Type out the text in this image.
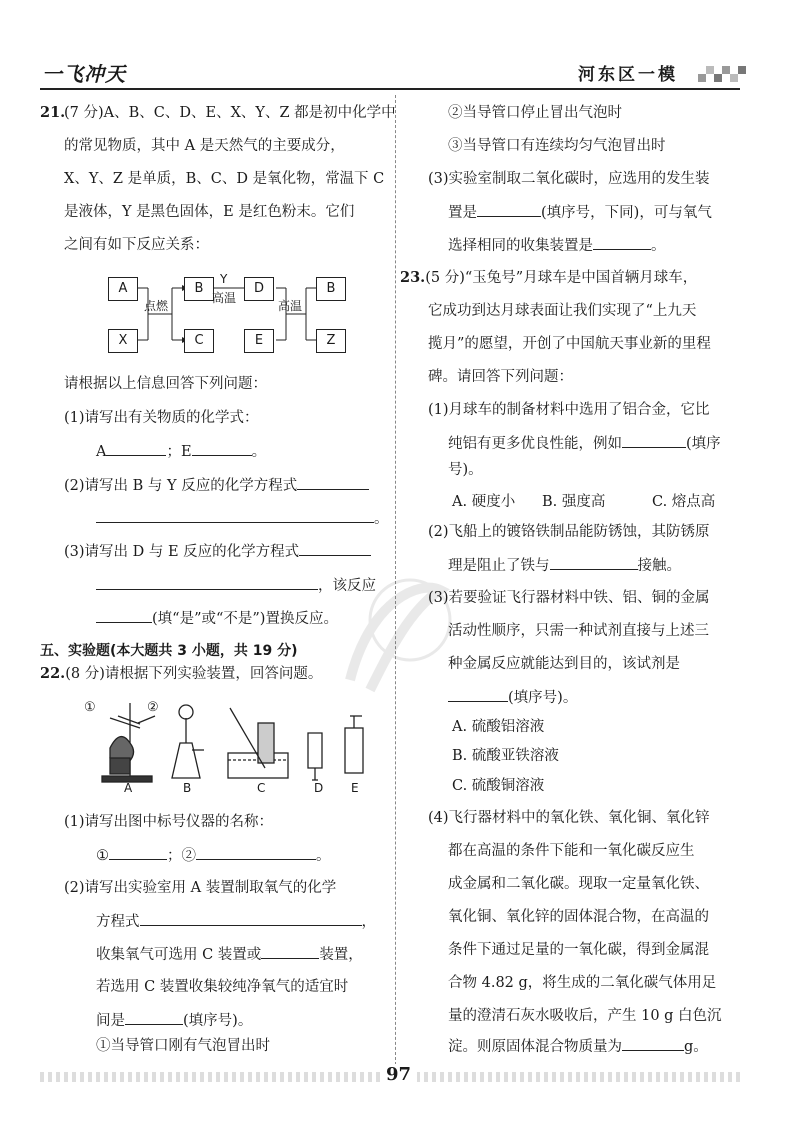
一飞冲天	河东区一模
21.
(7 分)A、B、C、D、E、X、Y、Z 都是初中化学中
的常见物质，其中 A 是天然气的主要成分，
X、Y、Z 是单质，B、C、D 是氧化物，常温下 C
是液体，Y 是黑色固体，E 是红色粉末。它们
之间有如下反应关系：
A
X
B
C
D
E
B
Z
点燃
Y
高温
高温
请根据以上信息回答下列问题：
(1)请写出有关物质的化学式：
A	；E	。
(2)请写出 B 与 Y 反应的化学方程式
。
(3)请写出 D 与 E 反应的化学方程式
，该反应
(填“是”或“不是”)置换反应。
五、实验题(本大题共 3 小题，共 19 分)
22.(8 分)请根据下列实验装置，回答问题。
①	②
A	B	C	D E
(1)请写出图中标号仪器的名称：
①	；②	。
(2)请写出实验室用 A 装置制取氧气的化学
方程式	，
收集氧气可选用 C 装置或	装置，
若选用 C 装置收集较纯净氧气的适宜时
间是	(填序号)。
①当导管口刚有气泡冒出时
②当导管口停止冒出气泡时
③当导管口有连续均匀气泡冒出时
(3)实验室制取二氧化碳时，应选用的发生装
置是	(填序号，下同)，可与氧气
选择相同的收集装置是	。
23.(5 分)“玉兔号”月球车是中国首辆月球车，
它成功到达月球表面让我们实现了“上九天
揽月”的愿望，开创了中国航天事业新的里程
碑。请回答下列问题：
(1)月球车的制备材料中选用了铝合金，它比
纯铝有更多优良性能，例如	(填序
号)。
A. 硬度小 B. 强度高	C. 熔点高
(2)飞船上的镀铬铁制品能防锈蚀，其防锈原
理是阻止了铁与	接触。
(3)若要验证飞行器材料中铁、铝、铜的金属
活动性顺序，只需一种试剂直接与上述三
种金属反应就能达到目的，该试剂是
(填序号)。
A. 硫酸铝溶液
B. 硫酸亚铁溶液
C. 硫酸铜溶液
(4)飞行器材料中的氧化铁、氧化铜、氧化锌
都在高温的条件下能和一氧化碳反应生
成金属和二氧化碳。现取一定量氧化铁、
氧化铜、氧化锌的固体混合物，在高温的
条件下通过足量的一氧化碳，得到金属混
合物 4.82 g，将生成的二氧化碳气体用足
量的澄清石灰水吸收后，产生 10 g 白色沉
淀。则原固体混合物质量为	g。
97
